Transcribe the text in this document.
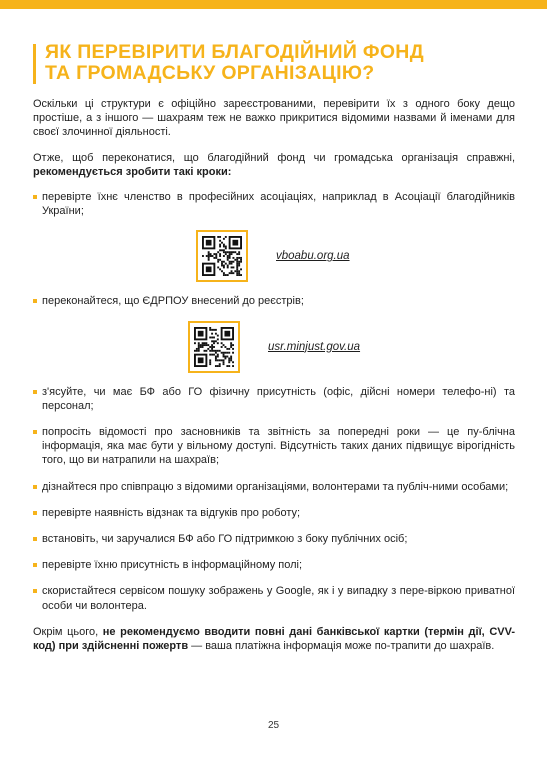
ЯК ПЕРЕВІРИТИ БЛАГОДІЙНИЙ ФОНД
ТА ГРОМАДСЬКУ ОРГАНІЗАЦІЮ?

Оскільки ці структури є офіційно зареєстрованими, перевірити їх з одного боку дещо простіше, а з іншого — шахраям теж не важко прикритися відомими назвами й іменами для своєї злочинної діяльності.

Отже, щоб переконатися, що благодійний фонд чи громадська організація справжні, рекомендується зробити такі кроки:

перевірте їхнє членство в професійних асоціаціях, наприклад в Асоціації благодійників України;
vboabu.org.ua
переконайтеся, що ЄДРПОУ внесений до реєстрів;
usr.minjust.gov.ua
з'ясуйте, чи має БФ або ГО фізичну присутність (офіс, дійсні номери телефо-ні) та персонал;
попросіть відомості про засновників та звітність за попередні роки — це пу-блічна інформація, яка має бути у вільному доступі. Відсутність таких даних підвищує вірогідність того, що ви натрапили на шахраїв;
дізнайтеся про співпрацю з відомими організаціями, волонтерами та публіч-ними особами;
перевірте наявність відзнак та відгуків про роботу;
встановіть, чи заручалися БФ або ГО підтримкою з боку публічних осіб;
перевірте їхню присутність в інформаційному полі;
скористайтеся сервісом пошуку зображень у Google, як і у випадку з пере-віркою приватної особи чи волонтера.

Окрім цього, не рекомендуємо вводити повні дані банківської картки (термін дії, CVV-код) при здійсненні пожертв — ваша платіжна інформація може по-трапити до шахраїв.

25
